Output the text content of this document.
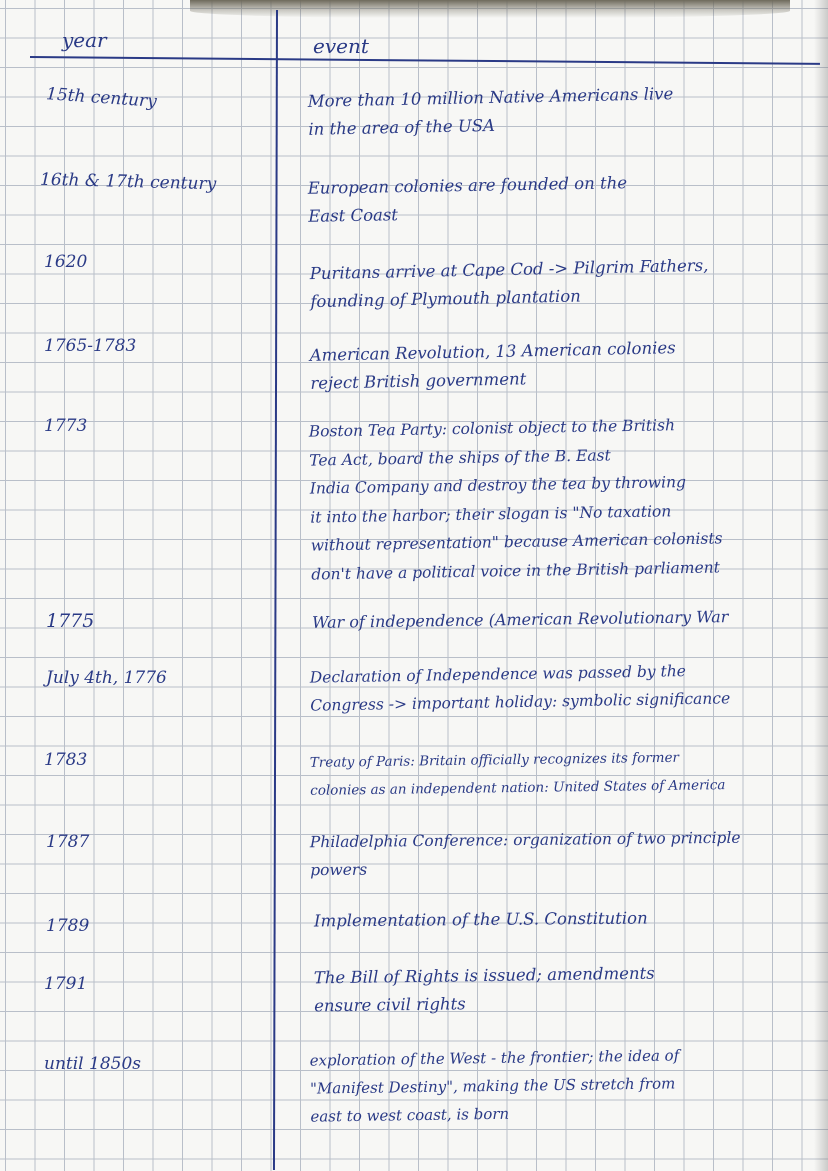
year	event
15th century	More than 10 million Native Americans live
in the area of the USA
16th & 17th century	European colonies are founded on the
East Coast
1620	Puritans arrive at Cape Cod -> Pilgrim Fathers,
founding of Plymouth plantation
1765-1783	American Revolution, 13 American colonies
reject British government
1773	Boston Tea Party: colonist object to the British
Tea Act, board the ships of the B. East
India Company and destroy the tea by throwing
it into the harbor; their slogan is "No taxation
without representation" because American colonists
don't have a political voice in the British parliament
1775	War of independence (American Revolutionary War
July 4th, 1776	Declaration of Independence was passed by the
Congress -> important holiday: symbolic significance
1783	Treaty of Paris: Britain officially recognizes its former
colonies as an independent nation: United States of America
1787	Philadelphia Conference: organization of two principle
powers
1789	Implementation of the U.S. Constitution
1791	The Bill of Rights is issued; amendments
ensure civil rights
until 1850s	exploration of the West - the frontier; the idea of
"Manifest Destiny", making the US stretch from
east to west coast, is born
